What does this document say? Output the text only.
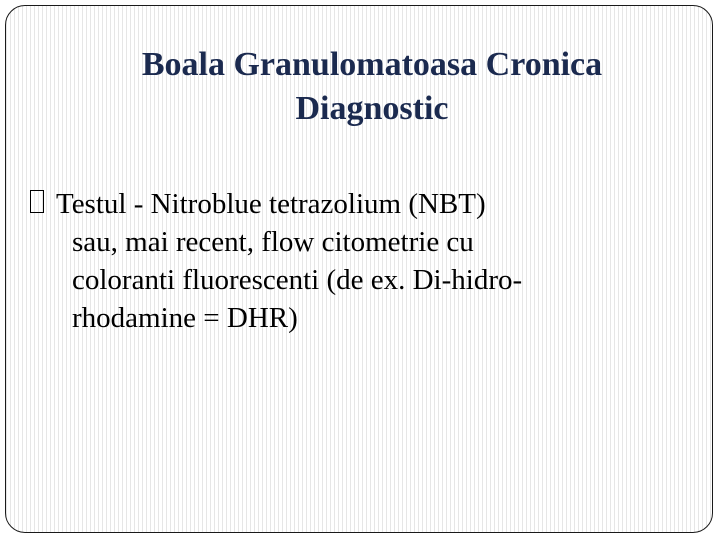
Boala Granulomatoasa Cronica
Diagnostic
Testul - Nitroblue tetrazolium (NBT)
sau, mai recent, flow citometrie cu
coloranti fluorescenti (de ex. Di-hidro-
rhodamine = DHR)
